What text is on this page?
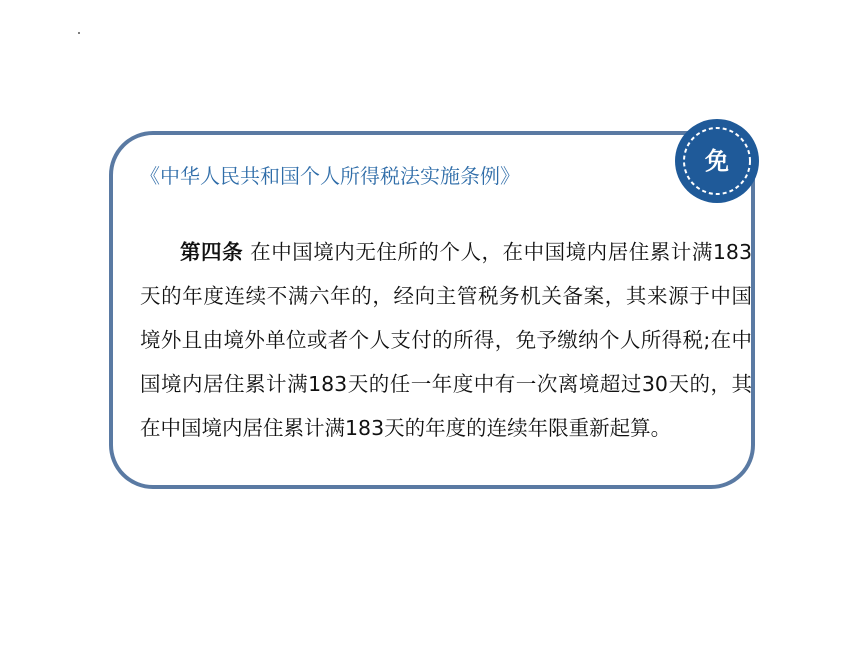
《中华人民共和国个人所得税法实施条例》
免

第四条 在中国境内无住所的个人，在中国境内居住累计满183天的年度连续不满六年的，经向主管税务机关备案，其来源于中国境外且由境外单位或者个人支付的所得，免予缴纳个人所得税;在中国境内居住累计满183天的任一年度中有一次离境超过30天的，其在中国境内居住累计满183天的年度的连续年限重新起算。
